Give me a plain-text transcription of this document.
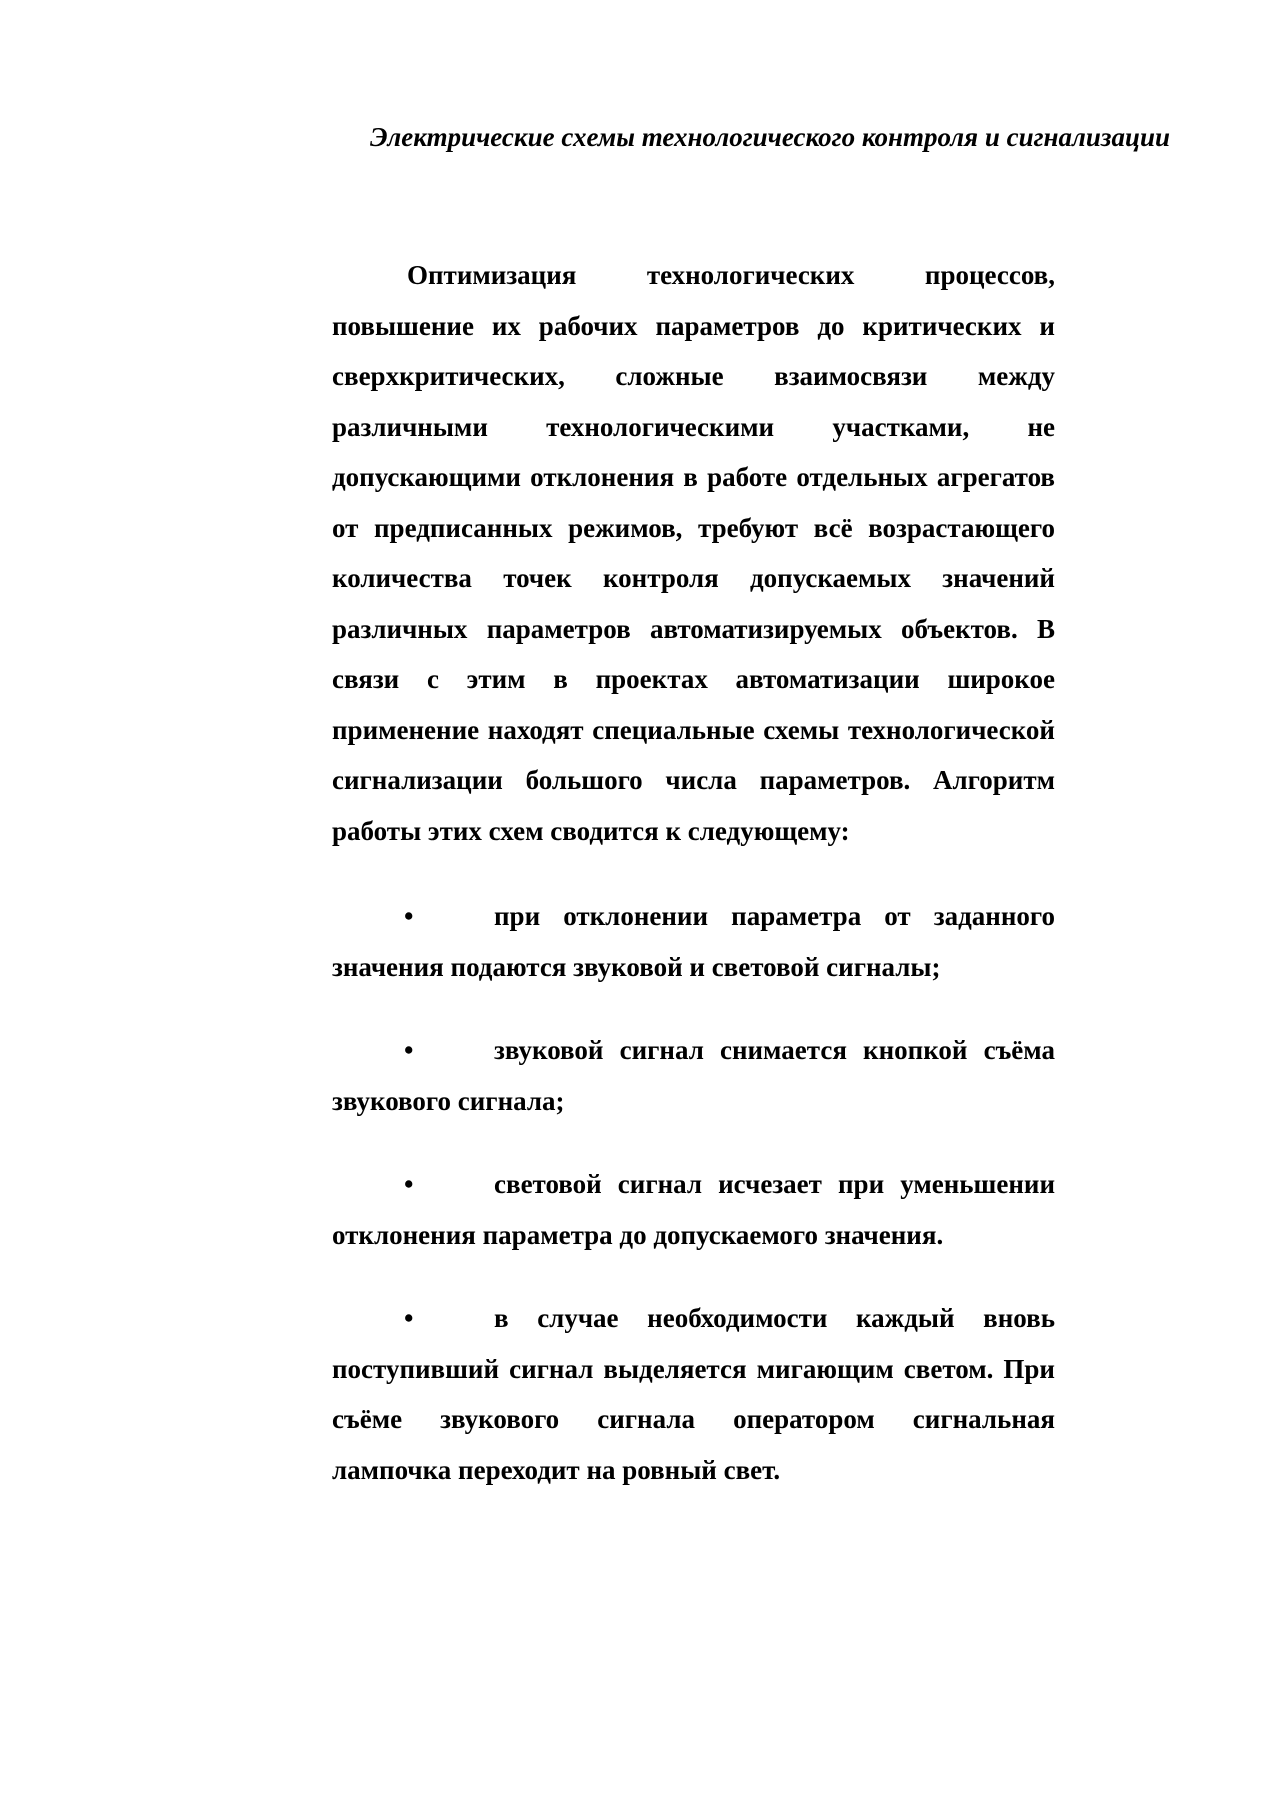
Электрические схемы технологического контроля и сигнализации

Оптимизация технологических процессов, повышение их рабочих параметров до критических и сверхкритических, сложные взаимосвязи между различными технологическими участками, не допускающими отклонения в работе отдельных агрегатов от предписанных режимов, требуют всё возрастающего количества точек контроля допускаемых значений различных параметров автоматизируемых объектов. В связи с этим в проектах автоматизации широкое применение находят специальные схемы технологической сигнализации большого числа параметров. Алгоритм работы этих схем сводится к следующему:

•	при отклонении параметра от заданного значения подаются звуковой и световой сигналы;

•	звуковой сигнал снимается кнопкой съёма звукового сигнала;

•	световой сигнал исчезает при уменьшении отклонения параметра до допускаемого значения.

•	в случае необходимости каждый вновь поступивший сигнал выделяется мигающим светом. При съёме звукового сигнала оператором сигнальная лампочка переходит на ровный свет.
